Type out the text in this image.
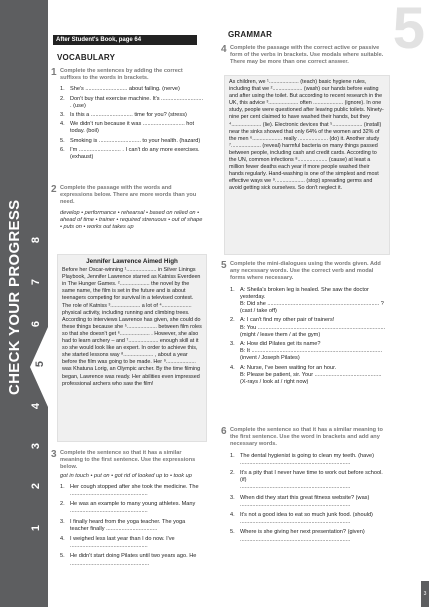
CHECK YOUR PROGRESS
1
2
3
4
5
6
7
8
5
After Student's Book, page 64
VOCABULARY
1 Complete the sentences by adding the correct suffixes to the words in brackets.
1. She's ........................... about failing. (nerve)
2. Don't buy that exercise machine. It's ........................... . (use)
3. Is this a ........................... time for you? (stress)
4. We didn't run because it was ........................... hot today. (boil)
5. Smoking is ........................... to your health. (hazard)
6. I'm ........................... . I can't do any more exercises. (exhaust)
2 Complete the passage with the words and expressions below. There are more words than you need.
develop • performance • rehearsal • based on relied on • ahead of time • trainer • required strenuous • out of shape • puts on • works out takes up
Jennifer Lawrence Aimed High
Before her Oscar-winning ¹.................... in Silver Linings Playbook, Jennifer Lawrence starred as Katniss Everdeen in The Hunger Games. ².................... the novel by the same name, the film is set in the future and is about teenagers competing for survival in a televised contest. The role of Katniss ³.................... a lot of ⁴.................... physical activity, including running and climbing trees. According to interviews Lawrence has given, she could do these things because she ⁵.................... between film roles so that she doesn't get ⁶.................... . However, she also had to learn archery – and ⁷.................... enough skill at it so she would look like an expert. In order to achieve this, she started lessons way ⁸.................... , about a year before the film was going to be made. Her ⁹.................... was Khatuna Lorig, an Olympic archer. By the time filming began, Lawrence was ready. Her abilities even impressed professional archers who saw the film!
3 Complete the sentence so that it has a similar meaning to the first sentence. Use the expressions below.
got in touch • put on • got rid of looked up to • took up
1. Her cough stopped after she took the medicine. The ..................................................
2. He was an example to many young athletes. Many ..................................................
3. I finally heard from the yoga teacher. The yoga teacher finally .................................
4. I weighed less last year than I do now. I've ..................................................
5. He didn't start doing Pilates until two years ago. He ...................................................
GRAMMAR
4 Complete the passage with the correct active or passive form of the verbs in brackets. Use modals where suitable. There may be more than one correct answer.
As children, we ¹.................... (teach) basic hygiene rules, including that we ².................... (wash) our hands before eating and after using the toilet. But according to recent research in the UK, this advice ³.................... often .................... (ignore). In one study, people were questioned after leaving public toilets. Ninety-nine per cent claimed to have washed their hands, but they ⁴.................... (lie). Electronic devices that ⁵.................... (install) near the sinks showed that only 64% of the women and 32% of the men ⁶.................... really .................... (do) it. Another study ⁷.................... (reveal) harmful bacteria on many things passed between people, including cash and credit cards. According to the UN, common infections ⁸.................... (cause) at least a million fewer deaths each year if more people washed their hands regularly. Hand-washing is one of the simplest and most effective ways we ⁹.................... (stop) spreading germs and avoid getting sick ourselves. So don't neglect it.
5 Complete the mini-dialogues using the words given. Add any necessary words. Use the correct verb and modal forms where necessary.
1. A: Sheila's broken leg is healed. She saw the doctor yesterday.
B: Did she ........................................................................ ?
(cast / take off)
2. A: I can't find my other pair of trainers!
B: You ..................................................................................
(might / leave them / at the gym)
3. A: How did Pilates get its name?
B: It ....................................................................................
(invent / Joseph Pilates)
4. A: Nurse, I've been waiting for an hour.
B: Please be patient, sir. Your ...........................................
(X-rays / look at / right now)
6 Complete the sentence so that it has a similar meaning to the first sentence. Use the word in brackets and add any necessary words.
1. The dental hygienist is going to clean my teeth. (have)
.......................................................................
2. It's a pity that I never have time to work out before school. (if)
.......................................................................
3. When did they start this great fitness website? (was)
.......................................................................
4. It's not a good idea to eat so much junk food. (should)
.......................................................................
5. Where is she giving her next presentation? (given)
.......................................................................
3
